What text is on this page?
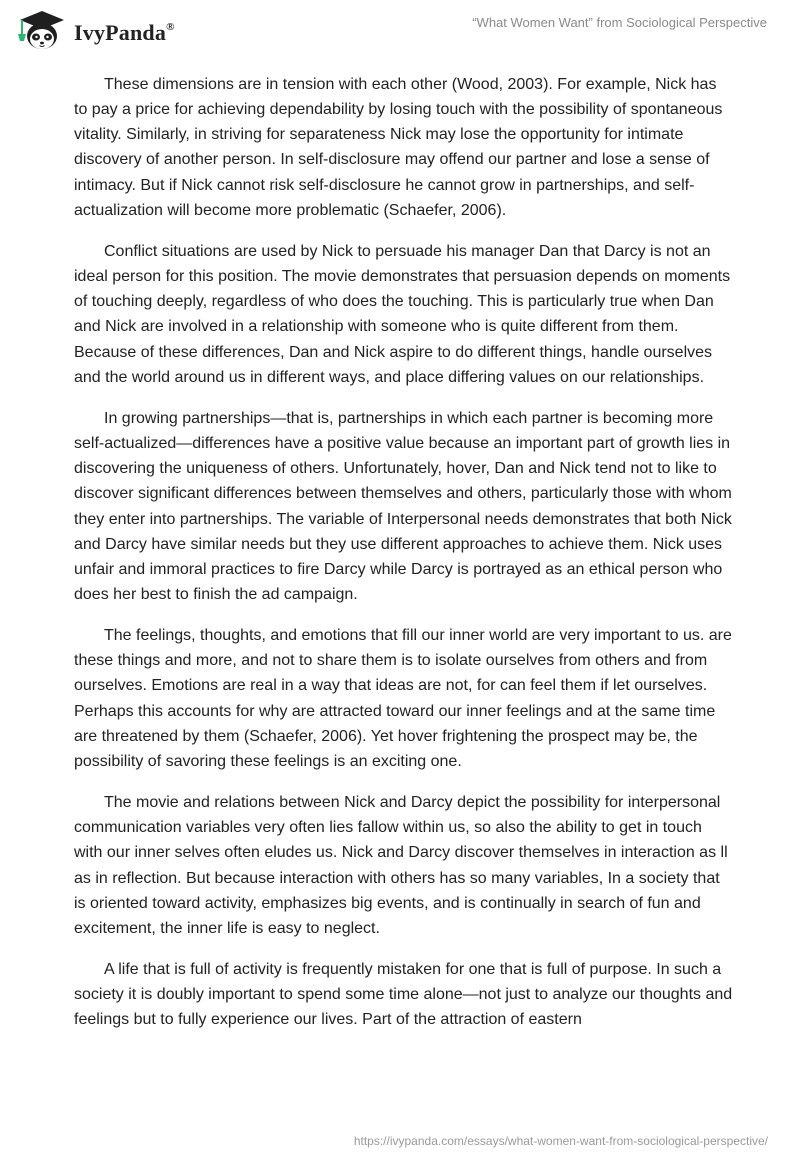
IvyPanda®	“What Women Want” from Sociological Perspective

These dimensions are in tension with each other (Wood, 2003). For example, Nick has to pay a price for achieving dependability by losing touch with the possibility of spontaneous vitality. Similarly, in striving for separateness Nick may lose the opportunity for intimate discovery of another person. In self-disclosure may offend our partner and lose a sense of intimacy. But if Nick cannot risk self-disclosure he cannot grow in partnerships, and self-actualization will become more problematic (Schaefer, 2006).

Conflict situations are used by Nick to persuade his manager Dan that Darcy is not an ideal person for this position. The movie demonstrates that persuasion depends on moments of touching deeply, regardless of who does the touching. This is particularly true when Dan and Nick are involved in a relationship with someone who is quite different from them. Because of these differences, Dan and Nick aspire to do different things, handle ourselves and the world around us in different ways, and place differing values on our relationships.

In growing partnerships—that is, partnerships in which each partner is becoming more self-actualized—differences have a positive value because an important part of growth lies in discovering the uniqueness of others. Unfortunately, hover, Dan and Nick tend not to like to discover significant differences between themselves and others, particularly those with whom they enter into partnerships. The variable of Interpersonal needs demonstrates that both Nick and Darcy have similar needs but they use different approaches to achieve them. Nick uses unfair and immoral practices to fire Darcy while Darcy is portrayed as an ethical person who does her best to finish the ad campaign.

The feelings, thoughts, and emotions that fill our inner world are very important to us. are these things and more, and not to share them is to isolate ourselves from others and from ourselves. Emotions are real in a way that ideas are not, for can feel them if let ourselves. Perhaps this accounts for why are attracted toward our inner feelings and at the same time are threatened by them (Schaefer, 2006). Yet hover frightening the prospect may be, the possibility of savoring these feelings is an exciting one.

The movie and relations between Nick and Darcy depict the possibility for interpersonal communication variables very often lies fallow within us, so also the ability to get in touch with our inner selves often eludes us. Nick and Darcy discover themselves in interaction as ll as in reflection. But because interaction with others has so many variables, In a society that is oriented toward activity, emphasizes big events, and is continually in search of fun and excitement, the inner life is easy to neglect.

A life that is full of activity is frequently mistaken for one that is full of purpose. In such a society it is doubly important to spend some time alone—not just to analyze our thoughts and feelings but to fully experience our lives. Part of the attraction of eastern

https://ivypanda.com/essays/what-women-want-from-sociological-perspective/
